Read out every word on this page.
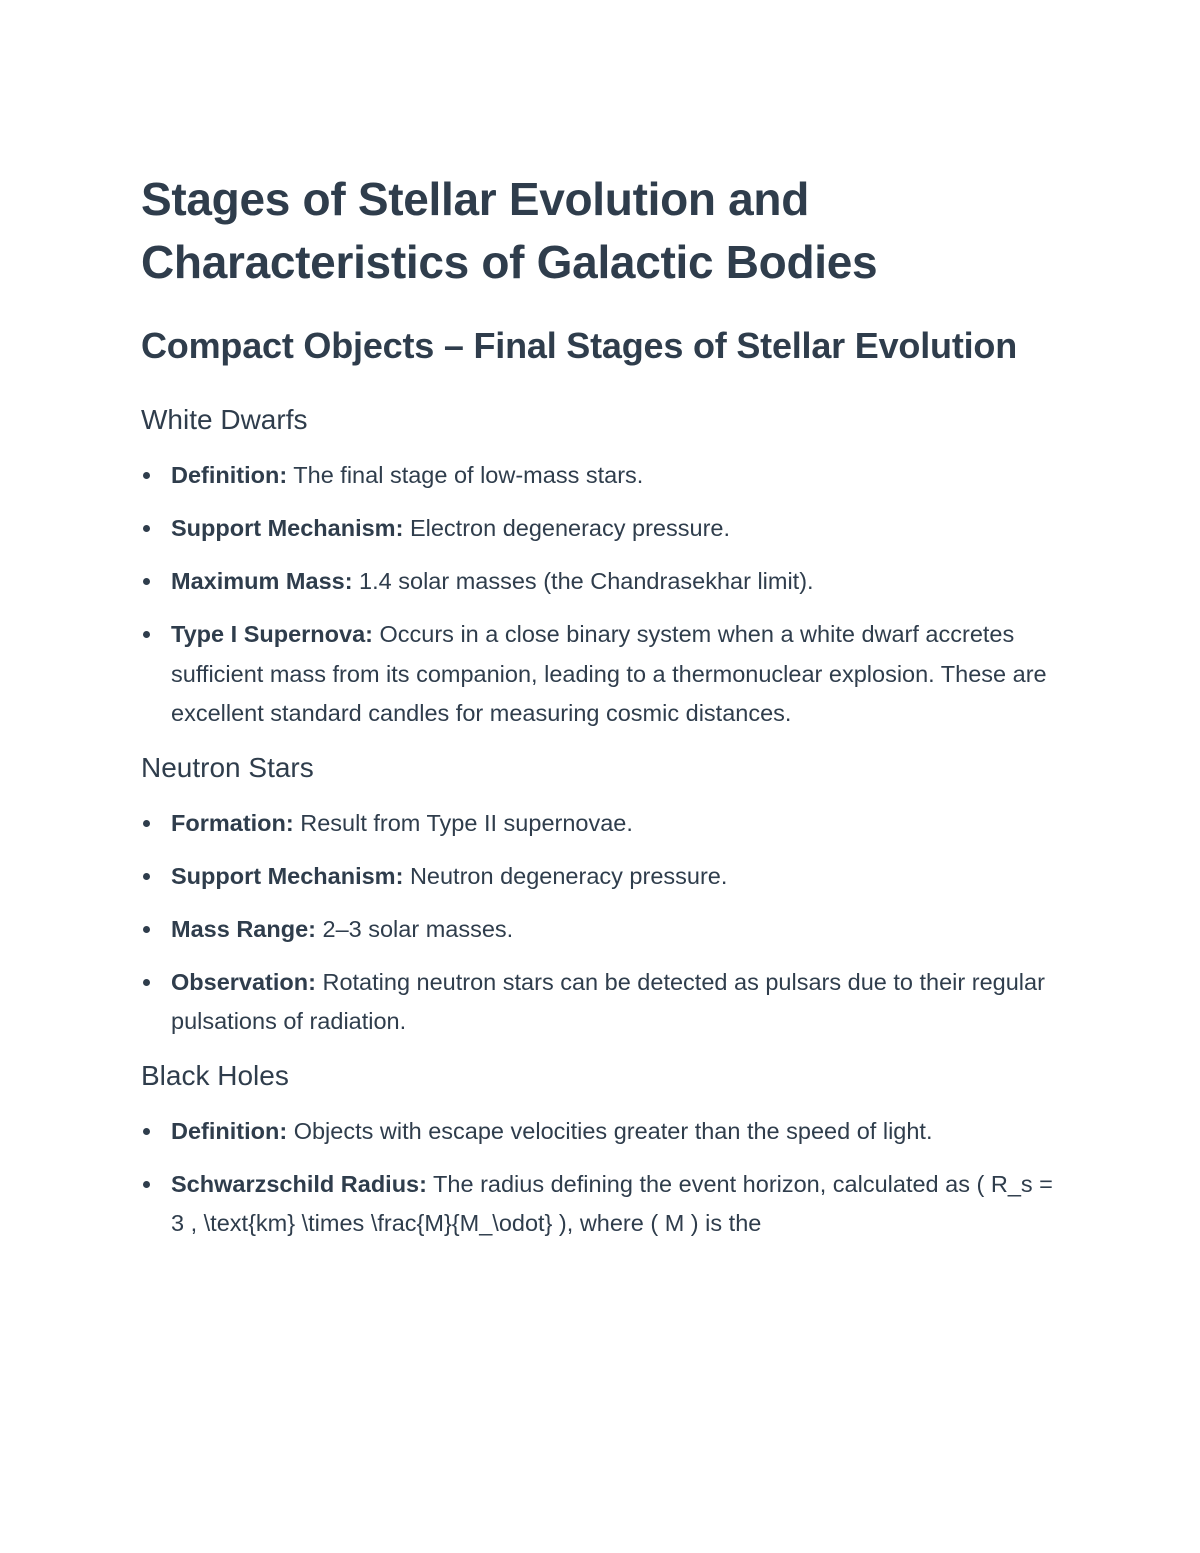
Stages of Stellar Evolution and Characteristics of Galactic Bodies
Compact Objects – Final Stages of Stellar Evolution
White Dwarfs
Definition: The final stage of low-mass stars.
Support Mechanism: Electron degeneracy pressure.
Maximum Mass: 1.4 solar masses (the Chandrasekhar limit).
Type I Supernova: Occurs in a close binary system when a white dwarf accretes sufficient mass from its companion, leading to a thermonuclear explosion. These are excellent standard candles for measuring cosmic distances.
Neutron Stars
Formation: Result from Type II supernovae.
Support Mechanism: Neutron degeneracy pressure.
Mass Range: 2–3 solar masses.
Observation: Rotating neutron stars can be detected as pulsars due to their regular pulsations of radiation.
Black Holes
Definition: Objects with escape velocities greater than the speed of light.
Schwarzschild Radius: The radius defining the event horizon, calculated as ( R_s = 3 , \text{km} \times \frac{M}{M_\odot} ), where ( M ) is the
